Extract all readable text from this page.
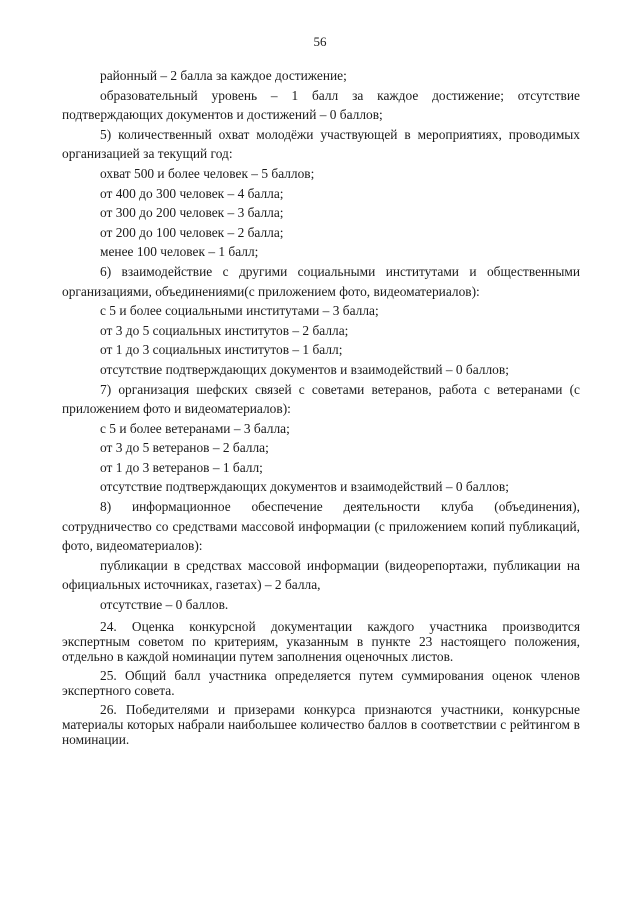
56

районный – 2 балла за каждое достижение;

образовательный уровень – 1 балл за каждое достижение; отсутствие подтверждающих документов и достижений – 0 баллов;

5) количественный охват молодёжи участвующей в мероприятиях, проводимых организацией за текущий год:

охват 500 и более человек – 5 баллов;

от 400 до 300 человек – 4 балла;

от 300 до 200 человек – 3 балла;

от 200 до 100 человек – 2 балла;

менее 100 человек – 1 балл;

6) взаимодействие с другими социальными институтами и общественными организациями, объединениями(с приложением фото, видеоматериалов):

с 5 и более социальными институтами – 3 балла;

от 3 до 5 социальных институтов – 2 балла;

от 1 до 3 социальных институтов – 1 балл;

отсутствие подтверждающих документов и взаимодействий – 0 баллов;

7) организация шефских связей с советами ветеранов, работа с ветеранами (с приложением фото и видеоматериалов):

с 5 и более ветеранами – 3 балла;

от 3 до 5 ветеранов – 2 балла;

от 1 до 3 ветеранов – 1 балл;

отсутствие подтверждающих документов и взаимодействий – 0 баллов;

8) информационное обеспечение деятельности клуба (объединения), сотрудничество со средствами массовой информации (с приложением копий публикаций, фото, видеоматериалов):

публикации в средствах массовой информации (видеорепортажи, публикации на официальных источниках, газетах) – 2 балла,

отсутствие – 0 баллов.

24. Оценка конкурсной документации каждого участника производится экспертным советом по критериям, указанным в пункте 23 настоящего положения, отдельно в каждой номинации путем заполнения оценочных листов.

25. Общий балл участника определяется путем суммирования оценок членов экспертного совета.

26. Победителями и призерами конкурса признаются участники, конкурсные материалы которых набрали наибольшее количество баллов в соответствии с рейтингом в номинации.
